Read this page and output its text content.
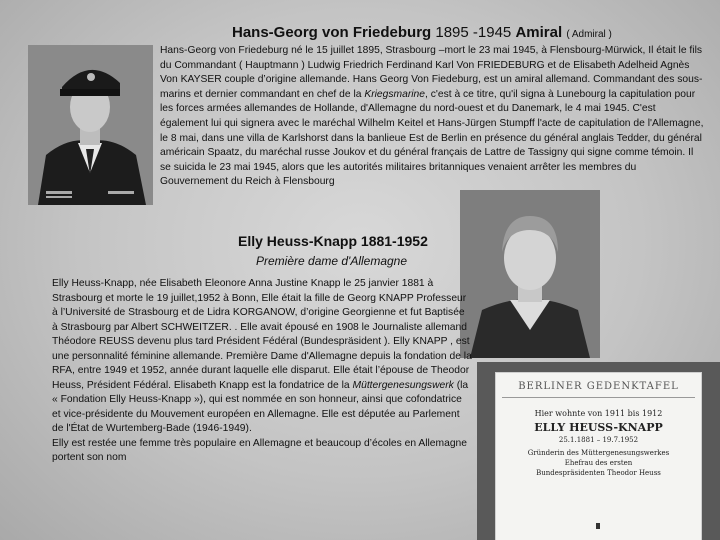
Hans-Georg von Friedeburg 1895 -1945 Amiral ( Admiral )
Hans-Georg von Friedeburg né le 15 juillet 1895, Strasbourg –mort le 23 mai 1945, à Flensbourg-Mürwick, Il était le fils du Commandant ( Hauptmann ) Ludwig Friedrich Ferdinand Karl Von FRIEDEBURG et de Elisabeth Adelheid Agnès Von KAYSER couple d’origine allemande. Hans Georg Von Fiedeburg, est un amiral allemand. Commandant des sous-marins et dernier commandant en chef de la Kriegsmarine, c'est à ce titre, qu'il signa à Lunebourg la capitulation pour les forces armées allemandes de Hollande, d'Allemagne du nord-ouest et du Danemark, le 4 mai 1945. C'est également lui qui signera avec le maréchal Wilhelm Keitel et Hans-Jürgen Stumpff l'acte de capitulation de l'Allemagne, le 8 mai, dans une villa de Karlshorst dans la banlieue Est de Berlin en présence du général anglais Tedder, du général américain Spaatz, du maréchal russe Joukov et du général français de Lattre de Tassigny qui signe comme témoin. Il se suicida le 23 mai 1945, alors que les autorités militaires britanniques venaient arrêter les membres du Gouvernement du Reich à Flensbourg
Elly Heuss-Knapp 1881-1952
Première dame d'Allemagne
Elly Heuss-Knapp, née Elisabeth Eleonore Anna Justine Knapp le 25 janvier 1881 à Strasbourg et morte le 19 juillet,1952 à Bonn, Elle était la fille de Georg KNAPP Professeur à l’Université de Strasbourg et de Lidra KORGANOW, d’origine Georgienne et fut Baptisée à Strasbourg par Albert SCHWEITZER. . Elle avait épousé en 1908 le Journaliste allemand Théodore REUSS devenu plus tard Président Fédéral (Bundespräsident ). Elly KNAPP , est une personnalité féminine allemande. Première Dame d'Allemagne depuis la fondation de la RFA, entre 1949 et 1952, année durant laquelle elle disparut. Elle était l’épouse de Theodor Heuss, Président Fédéral. Elisabeth Knapp est la fondatrice de la Müttergenesungswerk (la « Fondation Elly Heuss-Knapp »), qui est nommée en son honneur, ainsi que cofondatrice et vice-présidente du Mouvement européen en Allemagne. Elle est députée au Parlement de l'État de Wurtemberg-Bade (1946-1949).
Elly est restée une femme très populaire en Allemagne et beaucoup d’écoles en Allemagne portent son nom
BERLINER GEDENKTAFEL
Hier wohnte von 1911 bis 1912
ELLY HEUSS-KNAPP
25.1.1881 – 19.7.1952
Gründerin des Müttergenesungswerkes
Ehefrau des ersten
Bundespräsidenten Theodor Heuss
